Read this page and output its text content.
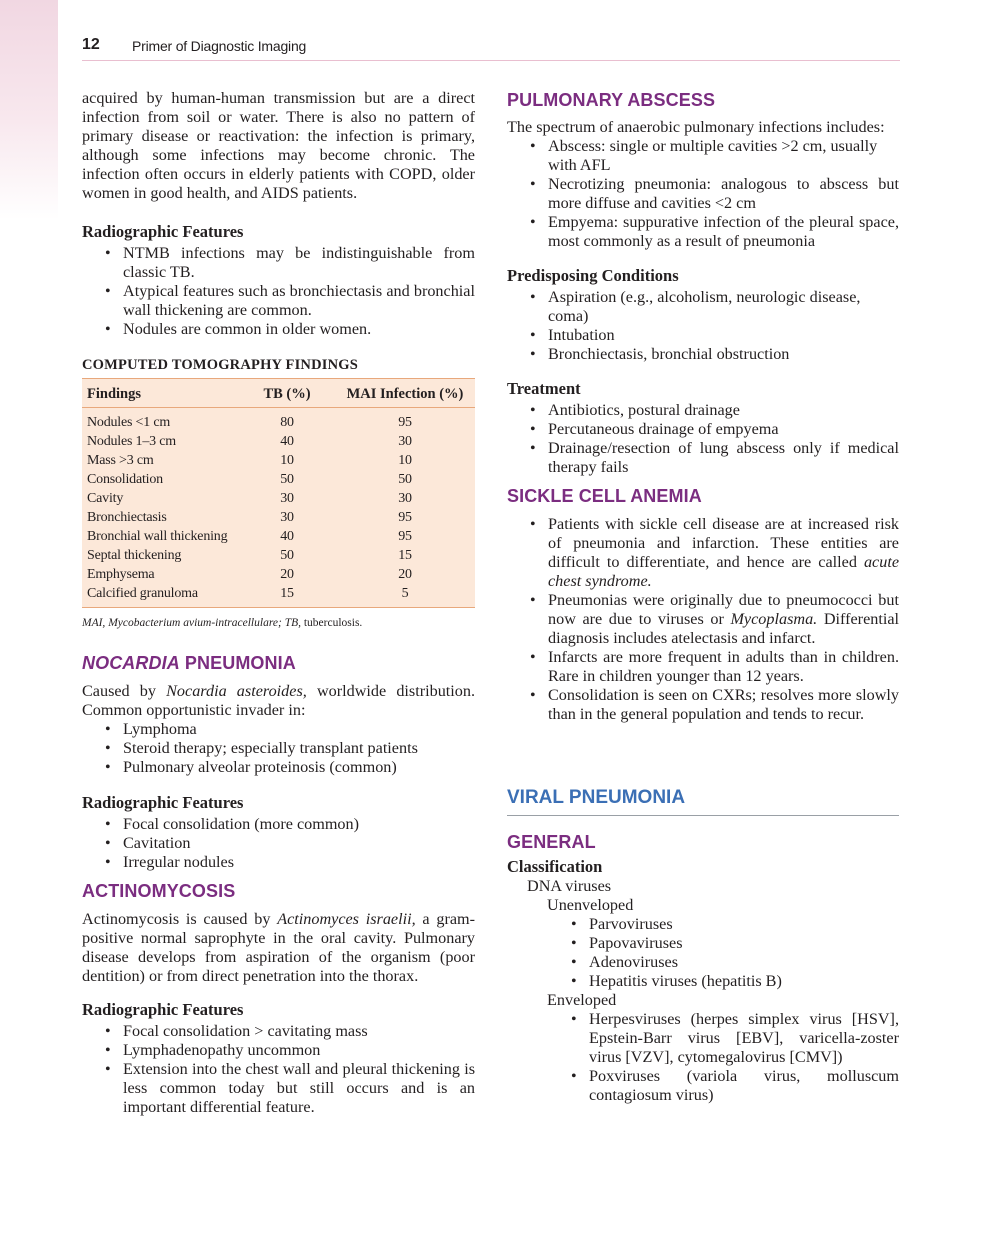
12 Primer of Diagnostic Imaging

acquired by human-human transmission but are a direct infection from soil or water. There is also no pattern of primary disease or reactivation: the infection is primary, although some infections may become chronic. The infection often occurs in elderly patients with COPD, older women in good health, and AIDS patients.

Radiographic Features
• NTMB infections may be indistinguishable from classic TB.
• Atypical features such as bronchiectasis and bronchial wall thickening are common.
• Nodules are common in older women.
COMPUTED TOMOGRAPHY FINDINGS
Findings	TB (%)	MAI Infection (%)
Nodules <1 cm	80	95
Nodules 1–3 cm	40	30
Mass >3 cm	10	10
Consolidation	50	50
Cavity	30	30
Bronchiectasis	30	95
Bronchial wall thickening	40	95
Septal thickening	50	15
Emphysema	20	20
Calcified granuloma	15	5

MAI, Mycobacterium avium-intracellulare; TB, tuberculosis.

NOCARDIA PNEUMONIA

Caused by Nocardia asteroides, worldwide distribution. Common opportunistic invader in:

• Lymphoma
• Steroid therapy; especially transplant patients
• Pulmonary alveolar proteinosis (common)
Radiographic Features
• Focal consolidation (more common)
• Cavitation
• Irregular nodules
ACTINOMYCOSIS

Actinomycosis is caused by Actinomyces israelii, a gram-positive normal saprophyte in the oral cavity. Pulmonary disease develops from aspiration of the organism (poor dentition) or from direct penetration into the thorax.

Radiographic Features
• Focal consolidation > cavitating mass
• Lymphadenopathy uncommon
• Extension into the chest wall and pleural thickening is less common today but still occurs and is an important differential feature.
PULMONARY ABSCESS

The spectrum of anaerobic pulmonary infections includes:

• Abscess: single or multiple cavities >2 cm, usually with AFL
• Necrotizing pneumonia: analogous to abscess but more diffuse and cavities <2 cm
• Empyema: suppurative infection of the pleural space, most commonly as a result of pneumonia
Predisposing Conditions
• Aspiration (e.g., alcoholism, neurologic disease, coma)
• Intubation
• Bronchiectasis, bronchial obstruction
Treatment
• Antibiotics, postural drainage
• Percutaneous drainage of empyema
• Drainage/resection of lung abscess only if medical therapy fails
SICKLE CELL ANEMIA
• Patients with sickle cell disease are at increased risk of pneumonia and infarction. These entities are difficult to differentiate, and hence are called acute chest syndrome.
• Pneumonias were originally due to pneumococci but now are due to viruses or Mycoplasma. Differential diagnosis includes atelectasis and infarct.
• Infarcts are more frequent in adults than in children. Rare in children younger than 12 years.
• Consolidation is seen on CXRs; resolves more slowly than in the general population and tends to recur.
VIRAL PNEUMONIA
GENERAL
Classification
DNA viruses
Unenveloped
• Parvoviruses
• Papovaviruses
• Adenoviruses
• Hepatitis viruses (hepatitis B)
Enveloped
• Herpesviruses (herpes simplex virus [HSV], Epstein-Barr virus [EBV], varicella-zoster virus [VZV], cytomegalovirus [CMV])
• Poxviruses (variola virus, molluscum contagiosum virus)
